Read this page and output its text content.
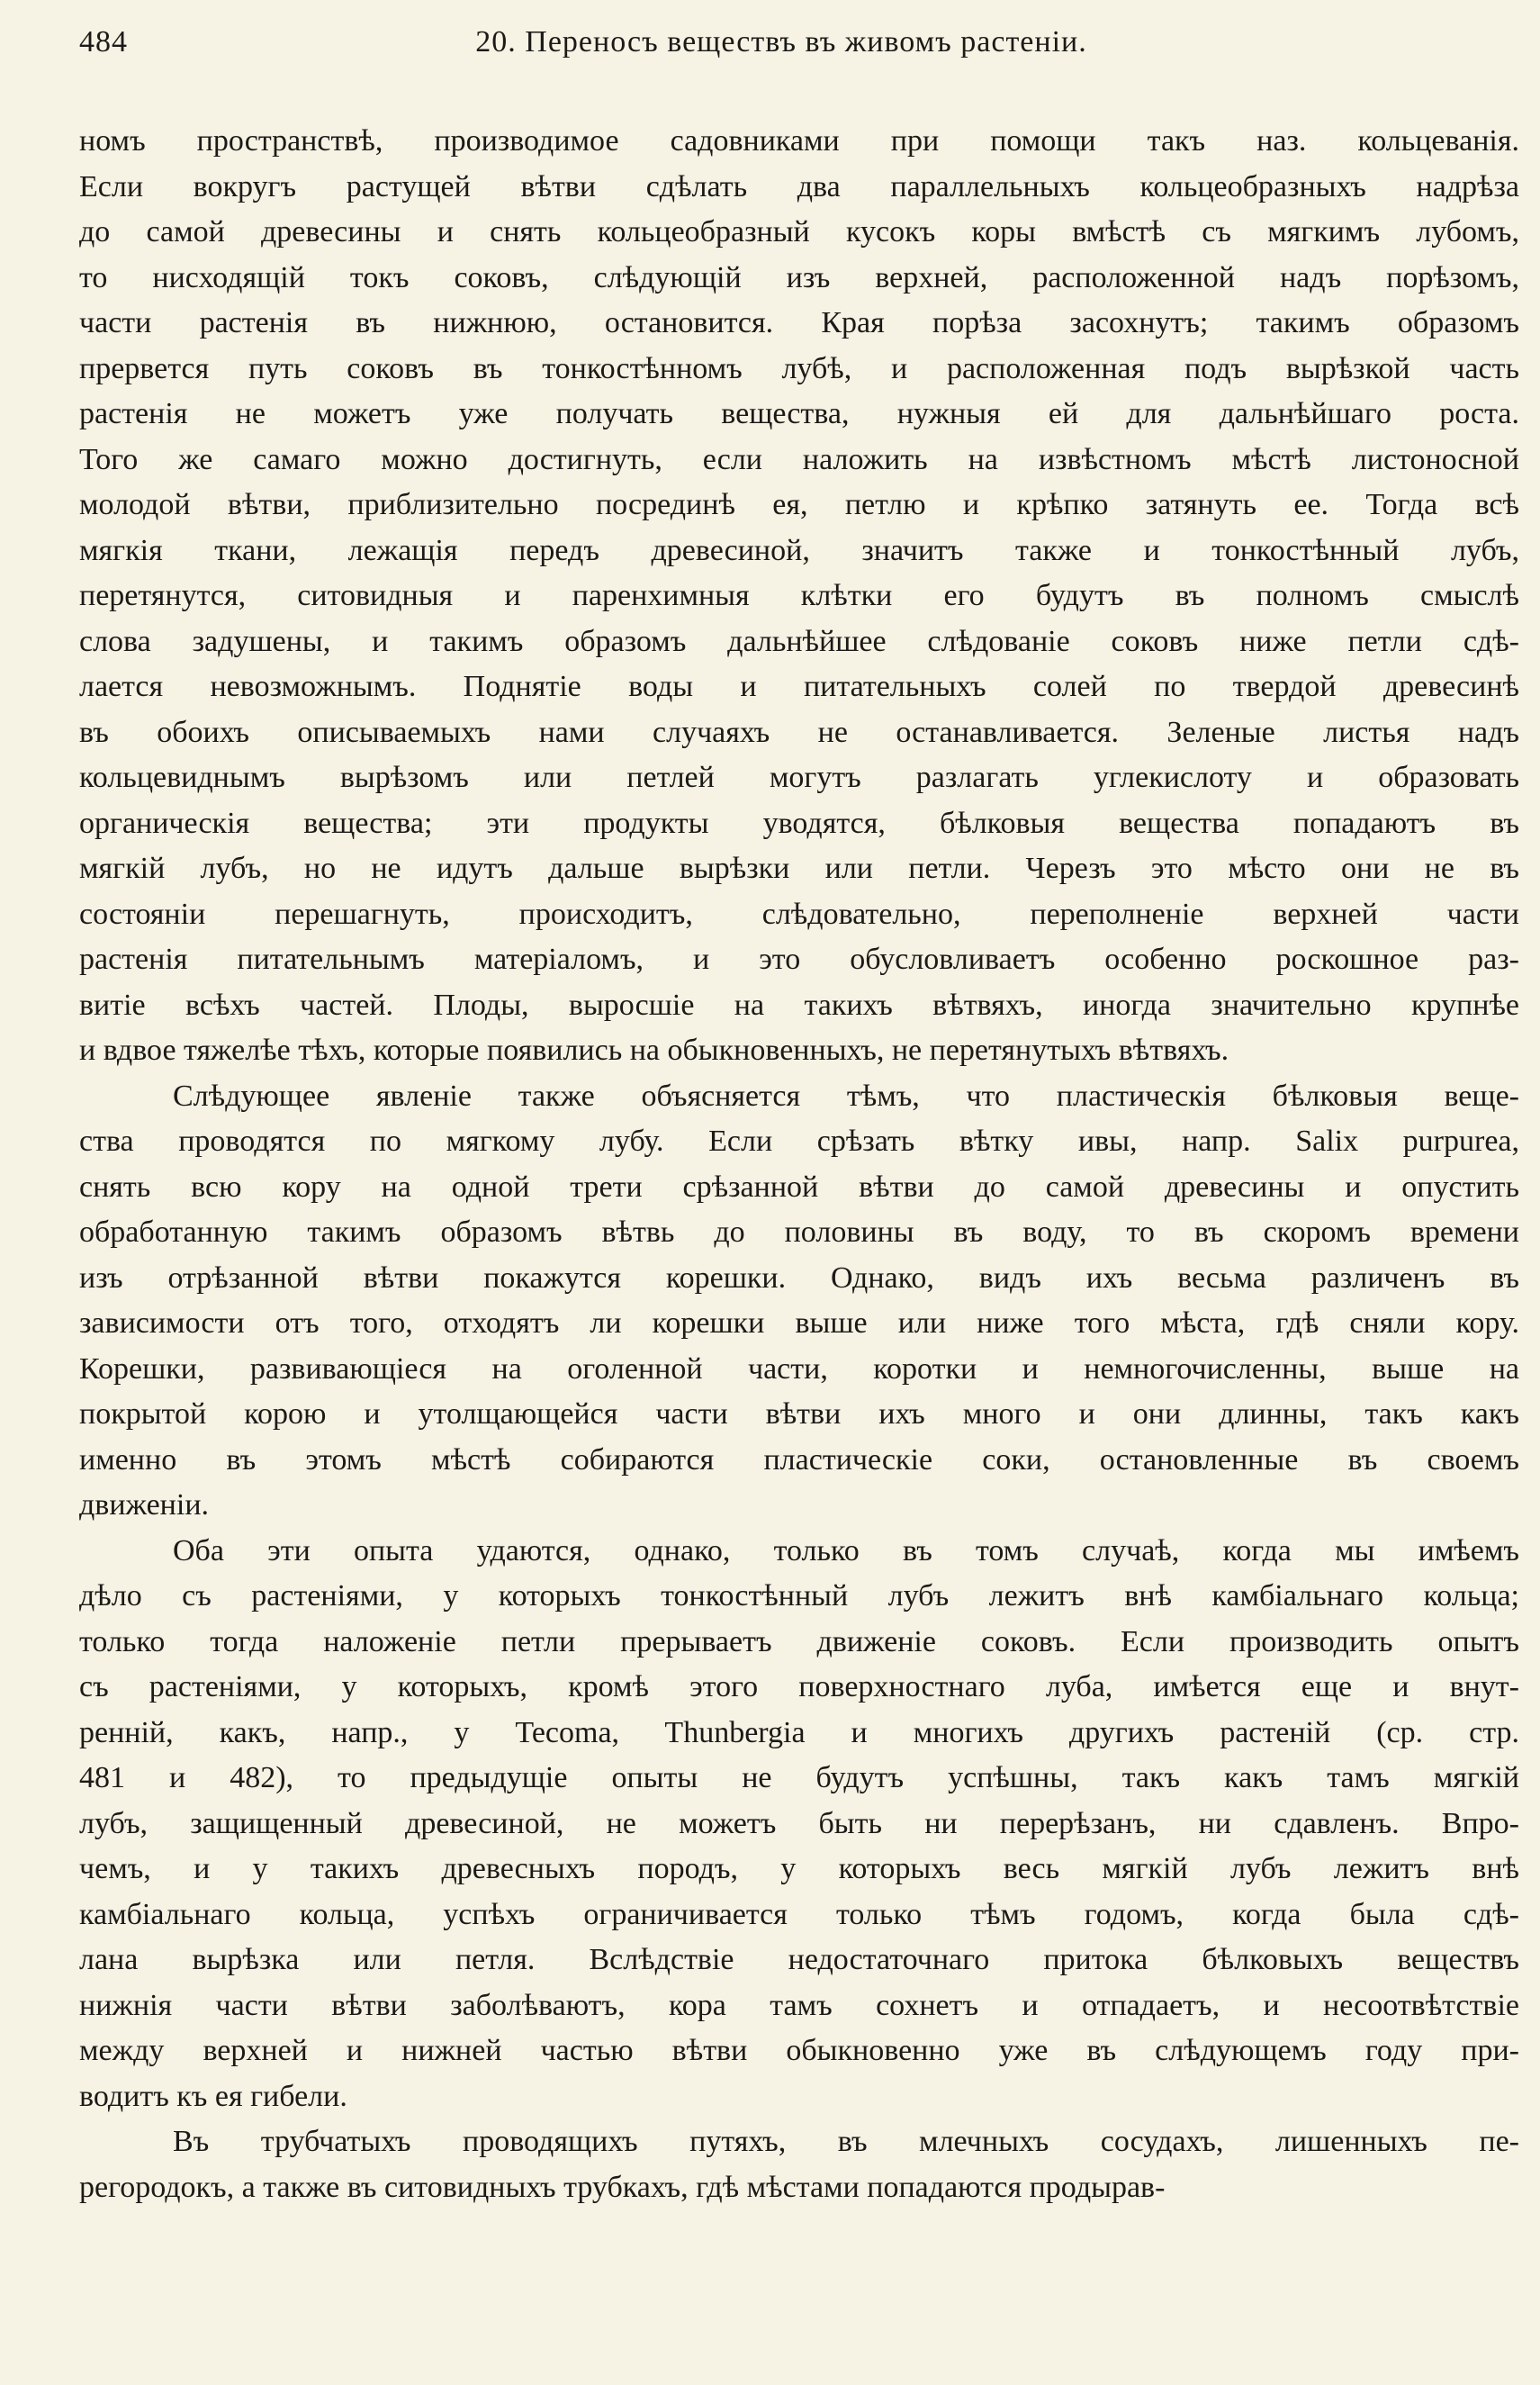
484	20. Переносъ веществъ въ живомъ растеніи.
номъ пространствѣ, производимое садовниками при помощи такъ наз. кольцеванія.
Если вокругъ растущей вѣтви сдѣлать два параллельныхъ кольцеобразныхъ надрѣза
до самой древесины и снять кольцеобразный кусокъ коры вмѣстѣ съ мягкимъ лубомъ,
то нисходящій токъ соковъ, слѣдующій изъ верхней, расположенной надъ порѣзомъ,
части растенія въ нижнюю, остановится. Края порѣза засохнутъ; такимъ образомъ
прервется путь соковъ въ тонкостѣнномъ лубѣ, и расположенная подъ вырѣзкой часть
растенія не можетъ уже получать вещества, нужныя ей для дальнѣйшаго роста.
Того же самаго можно достигнуть, если наложить на извѣстномъ мѣстѣ листоносной
молодой вѣтви, приблизительно посрединѣ ея, петлю и крѣпко затянуть ее. Тогда всѣ
мягкія ткани, лежащія передъ древесиной, значитъ также и тонкостѣнный лубъ,
перетянутся, ситовидныя и паренхимныя клѣтки его будутъ въ полномъ смыслѣ
слова задушены, и такимъ образомъ дальнѣйшее слѣдованіе соковъ ниже петли сдѣ-
лается невозможнымъ. Поднятіе воды и питательныхъ солей по твердой древесинѣ
въ обоихъ описываемыхъ нами случаяхъ не останавливается. Зеленые листья надъ
кольцевиднымъ вырѣзомъ или петлей могутъ разлагать углекислоту и образовать
органическія вещества; эти продукты уводятся, бѣлковыя вещества попадаютъ въ
мягкій лубъ, но не идутъ дальше вырѣзки или петли. Черезъ это мѣсто они не въ
состояніи перешагнуть, происходитъ, слѣдовательно, переполненіе верхней части
растенія питательнымъ матеріаломъ, и это обусловливаетъ особенно роскошное раз-
витіе всѣхъ частей. Плоды, выросшіе на такихъ вѣтвяхъ, иногда значительно крупнѣе
и вдвое тяжелѣе тѣхъ, которые появились на обыкновенныхъ, не перетянутыхъ вѣтвяхъ.
Слѣдующее явленіе также объясняется тѣмъ, что пластическія бѣлковыя веще-
ства проводятся по мягкому лубу. Если срѣзать вѣтку ивы, напр. Salix purpurea,
снять всю кору на одной трети срѣзанной вѣтви до самой древесины и опустить
обработанную такимъ образомъ вѣтвь до половины въ воду, то въ скоромъ времени
изъ отрѣзанной вѣтви покажутся корешки. Однако, видъ ихъ весьма различенъ въ
зависимости отъ того, отходятъ ли корешки выше или ниже того мѣста, гдѣ сняли кору.
Корешки, развивающіеся на оголенной части, коротки и немногочисленны, выше на
покрытой корою и утолщающейся части вѣтви ихъ много и они длинны, такъ какъ
именно въ этомъ мѣстѣ собираются пластическіе соки, остановленные въ своемъ
движеніи.
Оба эти опыта удаются, однако, только въ томъ случаѣ, когда мы имѣемъ
дѣло съ растеніями, у которыхъ тонкостѣнный лубъ лежитъ внѣ камбіальнаго кольца;
только тогда наложеніе петли прерываетъ движеніе соковъ. Если производить опытъ
съ растеніями, у которыхъ, кромѣ этого поверхностнаго луба, имѣется еще и внут-
ренній, какъ, напр., у Tecoma, Thunbergia и многихъ другихъ растеній (ср. стр.
481 и 482), то предыдущіе опыты не будутъ успѣшны, такъ какъ тамъ мягкій
лубъ, защищенный древесиной, не можетъ быть ни перерѣзанъ, ни сдавленъ. Впро-
чемъ, и у такихъ древесныхъ породъ, у которыхъ весь мягкій лубъ лежитъ внѣ
камбіальнаго кольца, успѣхъ ограничивается только тѣмъ годомъ, когда была сдѣ-
лана вырѣзка или петля. Вслѣдствіе недостаточнаго притока бѣлковыхъ веществъ
нижнія части вѣтви заболѣваютъ, кора тамъ сохнетъ и отпадаетъ, и несоотвѣтствіе
между верхней и нижней частью вѣтви обыкновенно уже въ слѣдующемъ году при-
водитъ къ ея гибели.
Въ трубчатыхъ проводящихъ путяхъ, въ млечныхъ сосудахъ, лишенныхъ пе-
регородокъ, а также въ ситовидныхъ трубкахъ, гдѣ мѣстами попадаются продырав-
